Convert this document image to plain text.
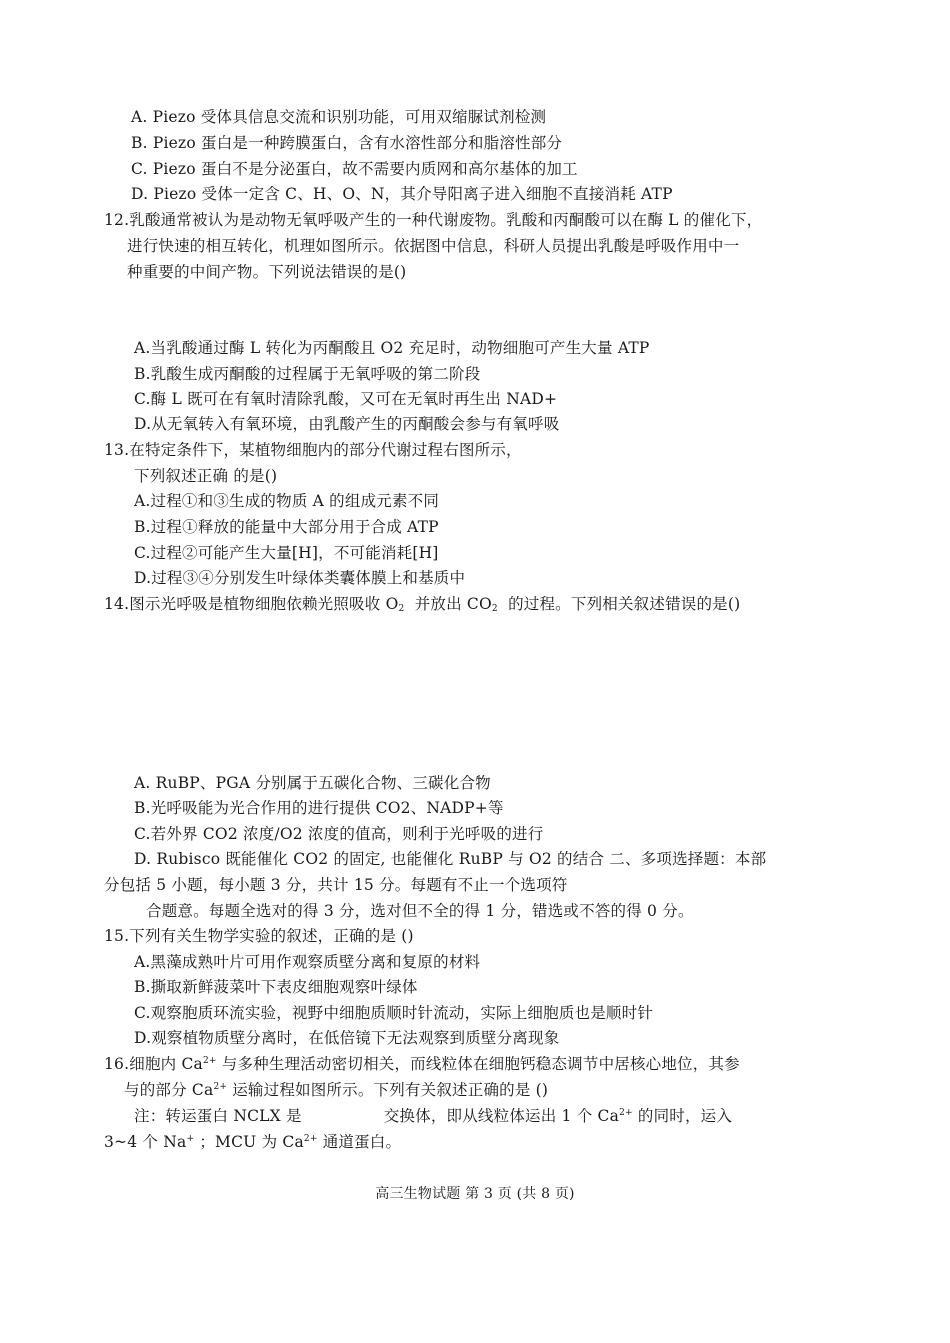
A. Piezo 受体具信息交流和识别功能，可用双缩脲试剂检测
B. Piezo 蛋白是一种跨膜蛋白，含有水溶性部分和脂溶性部分
C. Piezo 蛋白不是分泌蛋白，故不需要内质网和高尔基体的加工
D. Piezo 受体一定含 C、H、O、N，其介导阳离子进入细胞不直接消耗 ATP
12.乳酸通常被认为是动物无氧呼吸产生的一种代谢废物。乳酸和丙酮酸可以在酶 L 的催化下，
进行快速的相互转化，机理如图所示。依据图中信息，科研人员提出乳酸是呼吸作用中一
种重要的中间产物。下列说法错误的是()
A.当乳酸通过酶 L 转化为丙酮酸且 O2 充足时，动物细胞可产生大量 ATP
B.乳酸生成丙酮酸的过程属于无氧呼吸的第二阶段
C.酶 L 既可在有氧时清除乳酸，又可在无氧时再生出 NAD+
D.从无氧转入有氧环境，由乳酸产生的丙酮酸会参与有氧呼吸
13.在特定条件下，某植物细胞内的部分代谢过程右图所示，
下列叙述正确 的是()
A.过程①和③生成的物质 A 的组成元素不同
B.过程①释放的能量中大部分用于合成 ATP
C.过程②可能产生大量[H]，不可能消耗[H]
D.过程③④分别发生叶绿体类囊体膜上和基质中
14.图示光呼吸是植物细胞依赖光照吸收 $O_2$  并放出 $CO_2$  的过程。下列相关叙述错误的是()
A. RuBP、PGA 分别属于五碳化合物、三碳化合物
B.光呼吸能为光合作用的进行提供 CO2、NADP+等
C.若外界 CO2 浓度/O2 浓度的值高，则利于光呼吸的进行
D. Rubisco 既能催化 CO2 的固定, 也能催化 RuBP 与 O2 的结合 二、多项选择题：本部
分包括 5 小题，每小题 3 分，共计 15 分。每题有不止一个选项符
合题意。每题全选对的得 3 分，选对但不全的得 1 分，错选或不答的得 0 分。
15.下列有关生物学实验的叙述，正确的是 ()
A.黑藻成熟叶片可用作观察质壁分离和复原的材料
B.撕取新鲜菠菜叶下表皮细胞观察叶绿体
C.观察胞质环流实验，视野中细胞质顺时针流动，实际上细胞质也是顺时针
D.观察植物质壁分离时，在低倍镜下无法观察到质壁分离现象
16.细胞内 $Ca^{2+}$ 与多种生理活动密切相关，而线粒体在细胞钙稳态调节中居核心地位，其参
与的部分 $Ca^{2+}$ 运输过程如图所示。下列有关叙述正确的是 ()
注：转运蛋白 NCLX 是	交换体，即从线粒体运出 1 个 $Ca^{2+}$ 的同时，运入
3~4 个 Na+ ；MCU 为 $Ca^{2+}$ 通道蛋白。
高三生物试题 第 3 页 (共 8 页)
